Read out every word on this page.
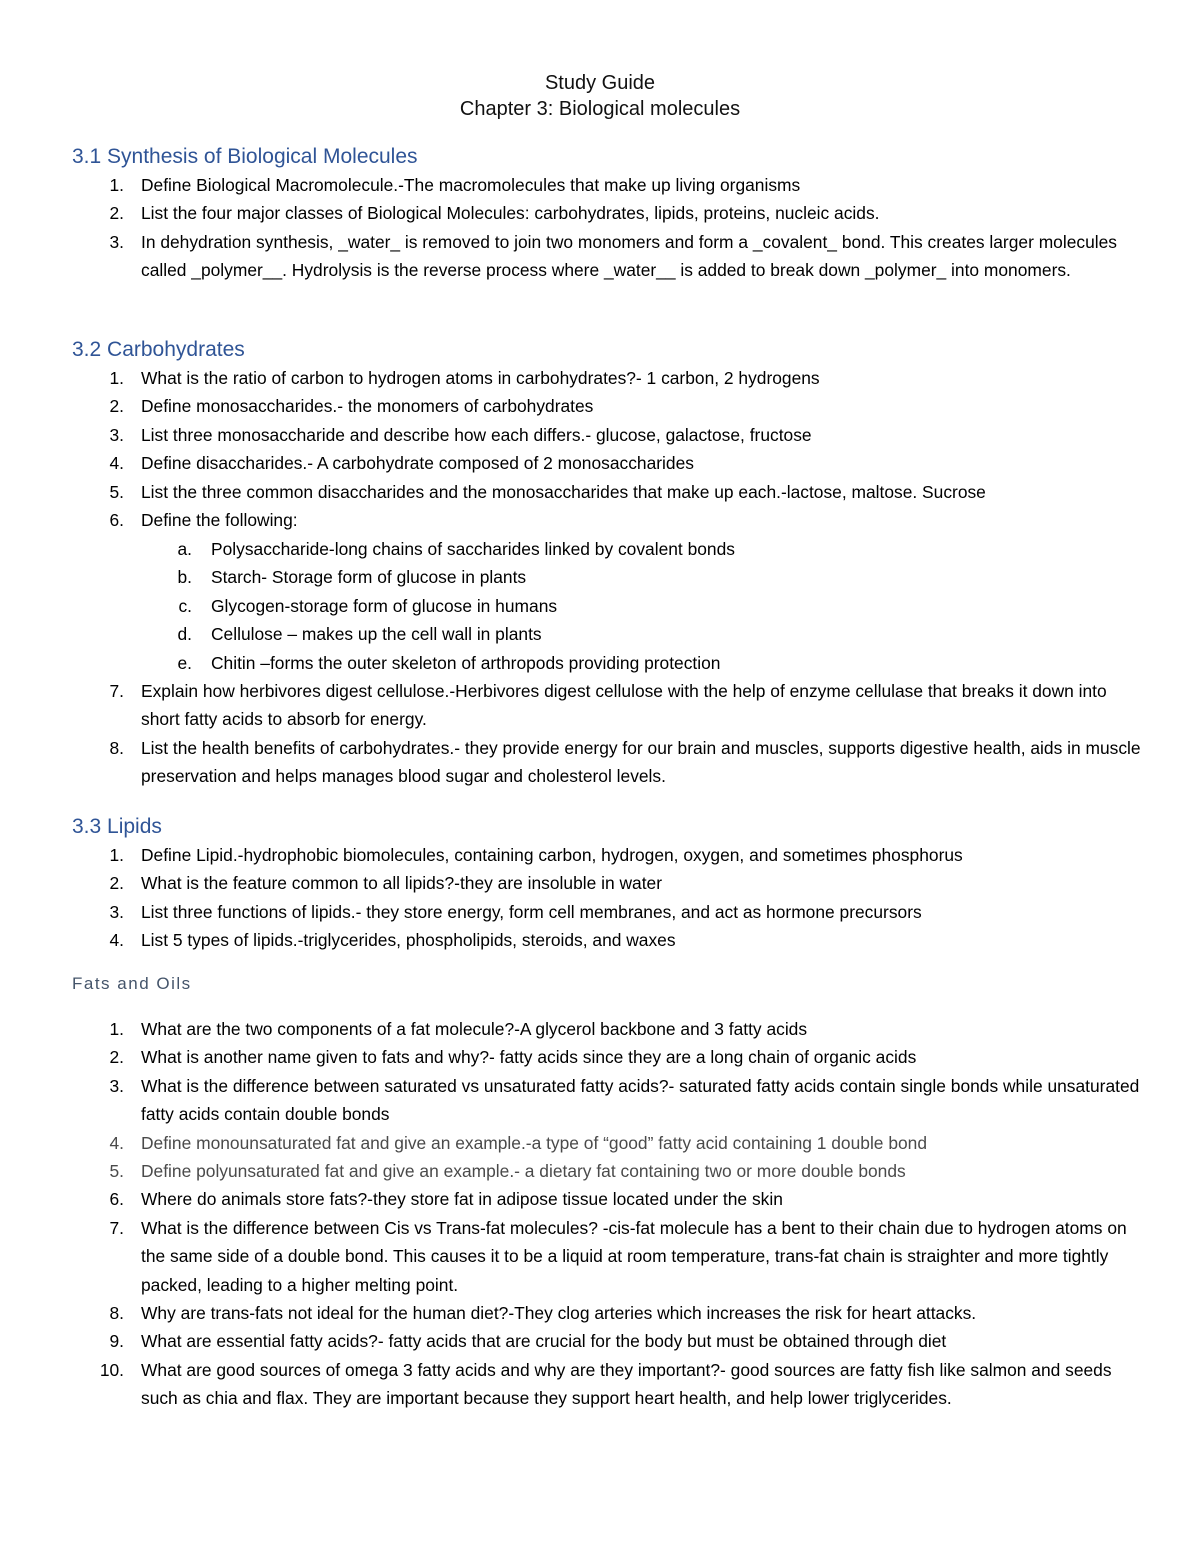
Study Guide
Chapter 3: Biological molecules
3.1 Synthesis of Biological Molecules
1. Define Biological Macromolecule.-The macromolecules that make up living organisms
2. List the four major classes of Biological Molecules: carbohydrates, lipids, proteins, nucleic acids.
3. In dehydration synthesis, _water_ is removed to join two monomers and form a _covalent_ bond. This creates larger molecules called _polymer__. Hydrolysis is the reverse process where _water__ is added to break down _polymer_ into monomers.
3.2 Carbohydrates
1. What is the ratio of carbon to hydrogen atoms in carbohydrates?- 1 carbon, 2 hydrogens
2. Define monosaccharides.- the monomers of carbohydrates
3. List three monosaccharide and describe how each differs.- glucose, galactose, fructose
4. Define disaccharides.- A carbohydrate composed of 2 monosaccharides
5. List the three common disaccharides and the monosaccharides that make up each.-lactose, maltose. Sucrose
6. Define the following:
a. Polysaccharide-long chains of saccharides linked by covalent bonds
b. Starch- Storage form of glucose in plants
c. Glycogen-storage form of glucose in humans
d. Cellulose – makes up the cell wall in plants
e. Chitin –forms the outer skeleton of arthropods providing protection
7. Explain how herbivores digest cellulose.-Herbivores digest cellulose with the help of enzyme cellulase that breaks it down into short fatty acids to absorb for energy.
8. List the health benefits of carbohydrates.- they provide energy for our brain and muscles, supports digestive health, aids in muscle preservation and helps manages blood sugar and cholesterol levels.
3.3 Lipids
1. Define Lipid.-hydrophobic biomolecules, containing carbon, hydrogen, oxygen, and sometimes phosphorus
2. What is the feature common to all lipids?-they are insoluble in water
3. List three functions of lipids.- they store energy, form cell membranes, and act as hormone precursors
4. List 5 types of lipids.-triglycerides, phospholipids, steroids, and waxes
Fats and Oils
1. What are the two components of a fat molecule?-A glycerol backbone and 3 fatty acids
2. What is another name given to fats and why?- fatty acids since they are a long chain of organic acids
3. What is the difference between saturated vs unsaturated fatty acids?- saturated fatty acids contain single bonds while unsaturated fatty acids contain double bonds
4. Define monounsaturated fat and give an example.-a type of “good” fatty acid containing 1 double bond
5. Define polyunsaturated fat and give an example.- a dietary fat containing two or more double bonds
6. Where do animals store fats?-they store fat in adipose tissue located under the skin
7. What is the difference between Cis vs Trans-fat molecules? -cis-fat molecule has a bent to their chain due to hydrogen atoms on the same side of a double bond. This causes it to be a liquid at room temperature, trans-fat chain is straighter and more tightly packed, leading to a higher melting point.
8. Why are trans-fats not ideal for the human diet?-They clog arteries which increases the risk for heart attacks.
9. What are essential fatty acids?- fatty acids that are crucial for the body but must be obtained through diet
10. What are good sources of omega 3 fatty acids and why are they important?- good sources are fatty fish like salmon and seeds such as chia and flax. They are important because they support heart health, and help lower triglycerides.
